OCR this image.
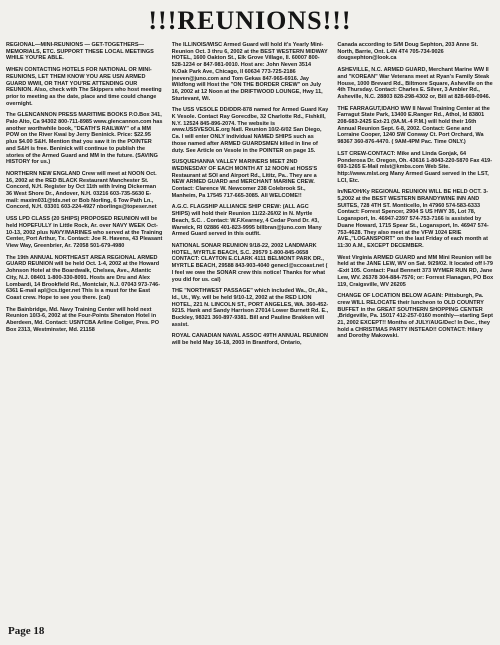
!!!REUNIONS!!!

REGIONAL—MINI-REUNIONS — GET-TOGETHERS— MEMORIALS, ETC. SUPPORT THESE LOCAL MEETINGS WHILE YOU'RE ABLE.

WHEN CONTACTING HOTELS FOR NATIONAL OR MINI-REUNIONS, LET THEM KNOW YOU ARE USN ARMED GUARD WWII, OR THAT YOU'RE ATTENDING OUR REUNION. Also, check with The Skippers who host meeting prior to meeting as the date, place and time could change overnight.

The GLENCANNON PRESS MARITIME BOOKS P.O.Box 341, Palo Alto, Ca 94302 800-711-8985 www.glencannon.com has another worthwhile book, "DEATH'S RAILWAY" of a MM POW on the River Kwai by Jerry Beninick. Price: $22.95 plus $4.00 S&H. Mention that you saw it in the POINTER and S&H is free. Beninick will continue to publish the stories of the Armed Guard and MM in the future. (SAVING HISTORY for us.)

NORTHERN NEW ENGLAND Crew will meet at NOON Oct. 16, 2002 at the RED BLACK Restaurant Manchester St. Concord, N.H. Register by Oct 11th with Irving Dickerman 36 West Shore Dr., Andover, N.H. 03216 603-735-5630 E-mail: maxim031@tds.net or Bob Norling, 6 Tow Path Ln., Concord, N.H. 03301 603-224-4927 nborlings@topeser.net

USS LPD CLASS (20 SHIPS) PROPOSED REUNION will be held HOPEFULLY in Little Rock, Ar. over NAVY WEEK Oct-10-13, 2002 plus NAVY/MARINES who served at the Training Center, Port Arthur, Tx. Contact: Joe R. Havens, 43 Pleasant View Way, Greenbrier, Ar. 72058 501-679-4980

The 19th ANNUAL NORTHEAST AREA REGIONAL ARMED GUARD REUNION will be held Oct. 1-4, 2002 at the Howard Johnson Hotel at the Boardwalk, Chelsea, Ave., Atlantic City, N.J. 08401 1-800-330-8091. Hosts are Dru and Alex Lombardi, 14 Brookfield Rd., Montclair, N.J. 07043 973-746-6361 E-mail apl@cs.tiger.net This is a must for the East Coast crew. Hope to see you there. (cal)

The Bainbridge, Md. Navy Training Center will hold next Reunion 10/3-6, 2002 at the Four-Points Sheraton Hotel in Aberdeen, Md. Contact: USNTCBA Arline Coliger, Pres. PO Box 2313, Westminster, Md. 21158

The ILLINOIS/WISC Armed Guard will hold it's Yearly Mini-Reunion Oct. 3 thru 6, 2002 at the BEST WESTERN MIDWAY HOTEL, 1600 Oakton St., Elk Grove Village, Il. 60007 800-528-1234 or 847-981-0010. Host are: John Neven 3514 N.Oak Park Ave, Chicago, Il 60634 773-725-2186 jneven@juno.com and Tom Gekas 847-965-6916. Jay Wildfong will Host the "ON THE BORDER CREW" on July 16, 2002 at 12 Noon at the DRIFTWOOD LOUNGE, Hwy 11, Sturtevant, Wi.

The USS VESOLE DD/DDR-878 named for Armed Guard Kay K Vesole. Contact Ray Gorecdbe, 32 Charlotte Rd., Fishkill, N.Y. 12524 845-896-2074. The website is www.USSVESOLE.org Natl. Reunion 10/2-6/02 San Diego, Ca. I will enter ONLY individual NAMED SHIPS such as those named after ARMED GUARDSMEN killed in line of duty. See Article on Vesole in the POINTER on page 15.

SUSQUEHANNA VALLEY MARINERS MEET 2ND WEDNESDAY OF EACH MONTH AT 12 NOON at HOSS'S Restaurant at SOI and Airport Rd., Lititz, Pa.. They are a NEW ARMED GUARD and MERCHANT MARINE CREW. Contact: Clarence W. Newcomer 238 Colebrook St., Manheim, Pa 17545 717-665-3085. All WELCOME!!

A.G.C. FLAGSHIP ALLIANCE SHIP CREW: (ALL AGC SHIPS) will hold their Reunion 11/22-26/02 in N. Myrtle Beach, S.C. . Contact: W.F.Kearney, 4 Cedar Pond Dr. #3, Warwick, RI 02886 401-823-9995 billbran@juno.com Many Armed Guard served in this outfit.

NATIONAL SONAR REUNION 9/18-22, 2002 LANDMARK HOTEL, MYRTLE BEACH, S.C. 29579 1-800-845-0658 CONTACT: CLAYTON E.CLARK 4111 BELMONT PARK DR., MYRTLE BEACH, 29588 843-903-4040 genecl@sccoast.net ( I feel we owe the SONAR crew this notice! Thanks for what you did for us. cal)

THE "NORTHWEST PASSAGE" which included Wa., Or.,Ak., Id., Ut., Wy. will be held 9/10-12, 2002 at the RED LION HOTEL, 221 N. LINCOLN ST., PORT ANGELES, WA. 360-452-9215. Hank and Sandy Harrison 27014 Lower Burnett Rd. E., Buckley, 98321 360-897-9381. Bill and Pauline Brakken will assist.

ROYAL CANADIAN NAVAL ASSOC 49TH ANNUAL REUNION will be held May 16-18, 2003 in Brantford, Ontario,

Canada according to S/M Doug Sephton, 203 Anne St. North, Barrie, Ont. L4N 4T4 705-734-9026 dougsephton@look.ca

ASHEVILLE, N.C. ARMED GUARD, Merchant Marine WW II and "KOREAN" War Veterans meet at Ryan's Family Steak House, 1000 Brevard Rd., Biltmore Square, Asheville on the 4th Thursday. Contact: Charles E. Silver, 3 Ambler Rd., Asheville, N.C. 28803 828-298-4302 or, Bill at 828-669-0946.

THE FARRAGUT,IDAHO WW II Naval Training Center at the Farragut State Park, 13400 E.Ranger Rd., Athol, Id 83801 208-683-2425 Ext-21 (9A.M.-4 P.M.) will hold their 16th Annual Reunion Sept. 6-8, 2002. Contact: Gene and Lorraine Cooper, 1240 SW Conway Ct. Port Orchard, Wa 98367 360-876-4470. ( 9AM-4PM Pac. Time ONLY.)

LST CREW-CONTACT: Mike and Linda Gonjak, 64 Ponderosa Dr. Oregon, Oh. 43616 1-8043-220-5870 Fax 419-693-1265 E-Mail mlst@kmbs.com Web Site. http://www.mlst.org Many Armed Guard served in the LST, LCI, Etc.

In/NE/OH/Ky REGIONAL REUNION WILL BE HELD OCT. 3-5,2002 at the BEST WESTERN BRANDYWINE INN AND SUITES, 728 4TH ST. Monticello, In 47960 574-583-6333 Contact: Forrest Spencer, 2904 S US HWY 35, Lot 78, Logansport, In. 46947-2397 574-753-7166 is assisted by Duane Howard, 1715 Spear St., Logansport, In. 46947 574-753-4628. They also meet at the VFW 1024 ERIE AVE.,"LOGANSPORT" on the last Friday of each month at 11:30 A.M., EXCEPT DECEMBER.

West Virginia ARMED GUARD and MM Mini Reunion will be held at the JANE LEW, WV on Sat. 9/29/02. It located off I-79 -Exit 105. Contact: Paul Bennett 373 WYMER RUN RD, Jane Lew, WV. 26378 304-884-7576; or: Forrest Flanagan, PO Box 119, Craigsville, WV 26205

CHANGE OF LOCATION BELOW AGAIN: Pittsburgh, Pa. crew WILL RELOCATE their luncheon to OLD COUNTRY BUFFET in the GREAT SOUTHERN SHOPPING CENTER ,Bridgeville, Pa. 15017 412-257-0160 monthly—starting Sept 21, 2002 EXCEPT!! Months of JULY/AUG/Dec! In Dec., they hold a CHRISTMAS PARTY INSTEAD!! CONTACT: Hilary and Dorothy Makowski.

Page 18
